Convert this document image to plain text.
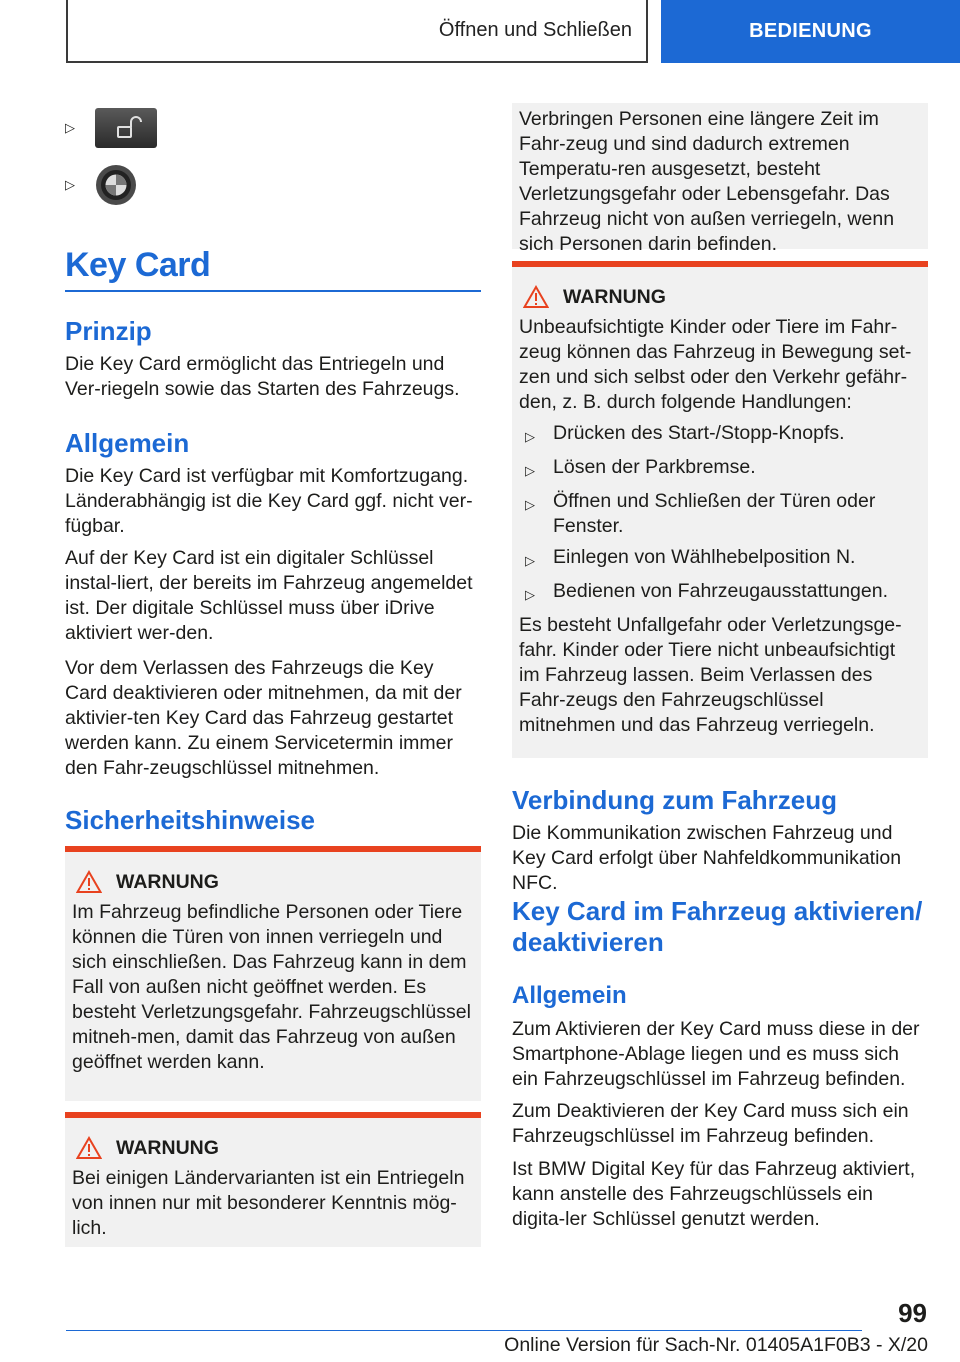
Öffnen und Schließen	BEDIENUNG
▷
▷
Key Card
Prinzip

Die Key Card ermöglicht das Entriegeln und Ver-riegeln sowie das Starten des Fahrzeugs.

Allgemein

Die Key Card ist verfügbar mit Komfortzugang. Länderabhängig ist die Key Card ggf. nicht ver-fügbar.

Auf der Key Card ist ein digitaler Schlüssel instal-liert, der bereits im Fahrzeug angemeldet ist. Der digitale Schlüssel muss über iDrive aktiviert wer-den.

Vor dem Verlassen des Fahrzeugs die Key Card deaktivieren oder mitnehmen, da mit der aktivier-ten Key Card das Fahrzeug gestartet werden kann. Zu einem Servicetermin immer den Fahr-zeugschlüssel mitnehmen.

Sicherheitshinweise
WARNUNG

Im Fahrzeug befindliche Personen oder Tiere können die Türen von innen verriegeln und sich einschließen. Das Fahrzeug kann in dem Fall von außen nicht geöffnet werden. Es besteht Verletzungsgefahr. Fahrzeugschlüssel mitneh-men, damit das Fahrzeug von außen geöffnet werden kann.

WARNUNG

Bei einigen Ländervarianten ist ein Entriegeln von innen nur mit besonderer Kenntnis mög-lich.

Verbringen Personen eine längere Zeit im Fahr-zeug und sind dadurch extremen Temperatu-ren ausgesetzt, besteht Verletzungsgefahr oder Lebensgefahr. Das Fahrzeug nicht von außen verriegeln, wenn sich Personen darin befinden.

WARNUNG

Unbeaufsichtigte Kinder oder Tiere im Fahr-zeug können das Fahrzeug in Bewegung set-zen und sich selbst oder den Verkehr gefähr-den, z. B. durch folgende Handlungen:

▷ Drücken des Start-/Stopp-Knopfs.
▷ Lösen der Parkbremse.
▷ Öffnen und Schließen der Türen oder Fenster.
▷ Einlegen von Wählhebelposition N.
▷ Bedienen von Fahrzeugausstattungen.

Es besteht Unfallgefahr oder Verletzungsge-fahr. Kinder oder Tiere nicht unbeaufsichtigt im Fahrzeug lassen. Beim Verlassen des Fahr-zeugs den Fahrzeugschlüssel mitnehmen und das Fahrzeug verriegeln.

Verbindung zum Fahrzeug

Die Kommunikation zwischen Fahrzeug und Key Card erfolgt über Nahfeldkommunikation NFC.

Key Card im Fahrzeug aktivieren/ deaktivieren
Allgemein

Zum Aktivieren der Key Card muss diese in der Smartphone-Ablage liegen und es muss sich ein Fahrzeugschlüssel im Fahrzeug befinden.

Zum Deaktivieren der Key Card muss sich ein Fahrzeugschlüssel im Fahrzeug befinden.

Ist BMW Digital Key für das Fahrzeug aktiviert, kann anstelle des Fahrzeugschlüssels ein digita-ler Schlüssel genutzt werden.

99
Online Version für Sach-Nr. 01405A1F0B3 - X/20
